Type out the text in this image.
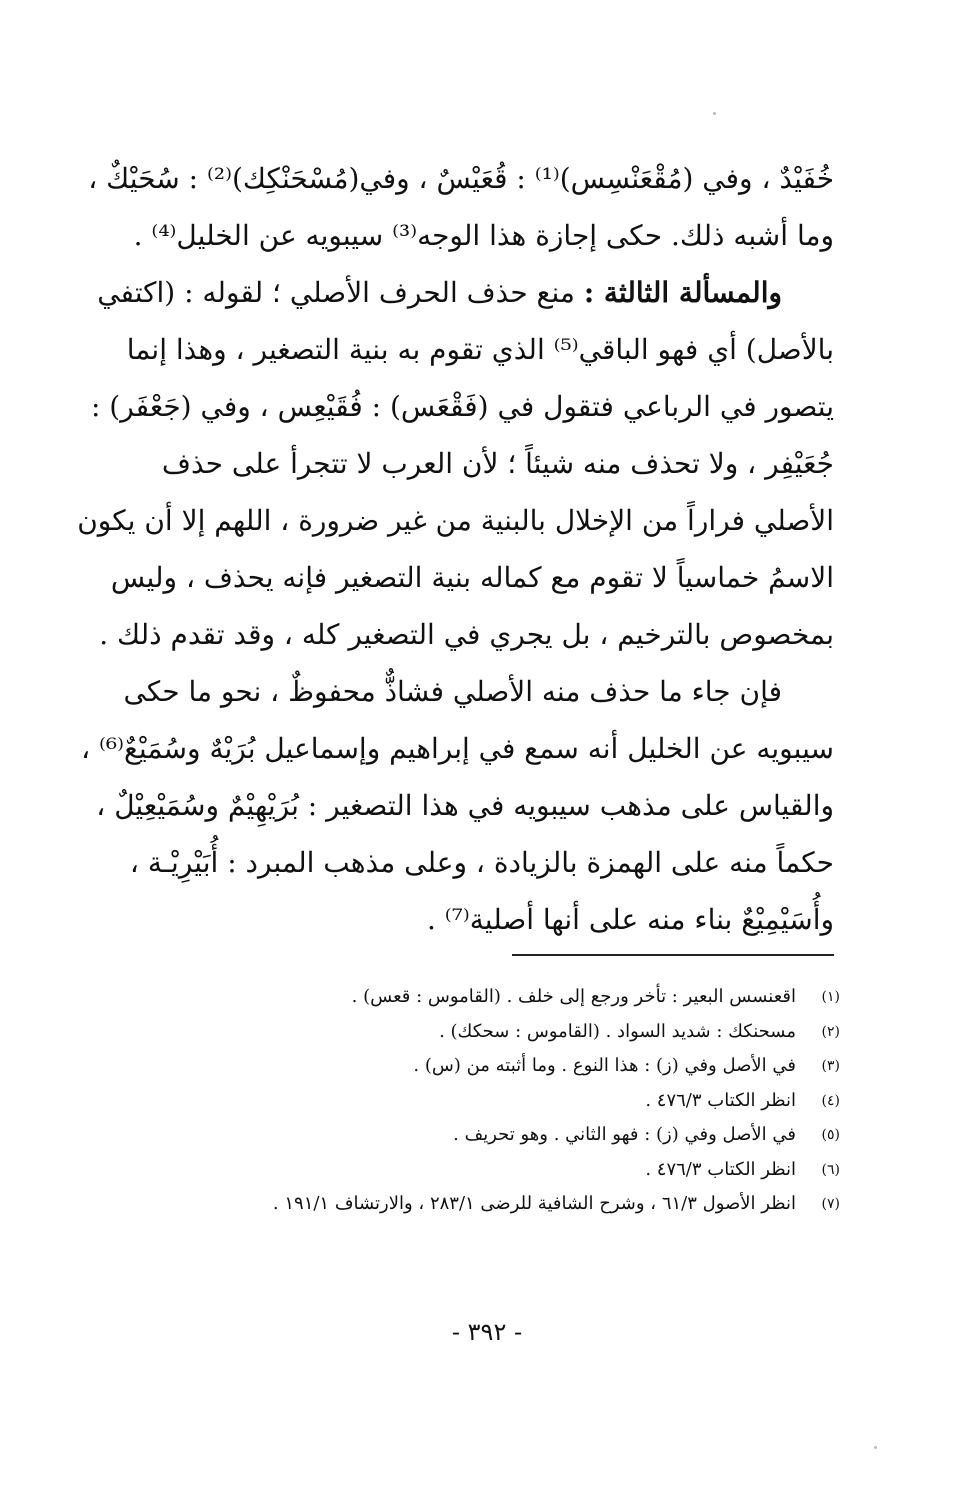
خُفَيْدٌ ، وفي (مُقْعَنْسِس)⁽¹⁾ : قُعَيْسٌ ، وفي(مُسْحَنْكِك)⁽²⁾ : سُحَيْكٌ ،
وما أشبه ذلك. حكى إجازة هذا الوجه⁽³⁾ سيبويه عن الخليل⁽⁴⁾ .

والمسألة الثالثة : منع حذف الحرف الأصلي ؛ لقوله : (اكتفي
بالأصل) أي فهو الباقي⁽⁵⁾ الذي تقوم به بنية التصغير ، وهذا إنما
يتصور في الرباعي فتقول في (فَقْعَس) : فُقَيْعِس ، وفي (جَعْفَر) :
جُعَيْفِر ، ولا تحذف منه شيئاً ؛ لأن العرب لا تتجرأ على حذف
الأصلي فراراً من الإخلال بالبنية من غير ضرورة ، اللهم إلا أن يكون
الاسمُ خماسياً لا تقوم مع كماله بنية التصغير فإنه يحذف ، وليس
بمخصوص بالترخيم ، بل يجري في التصغير كله ، وقد تقدم ذلك .

فإن جاء ما حذف منه الأصلي فشاذٌّ محفوظٌ ، نحو ما حكى
سيبويه عن الخليل أنه سمع في إبراهيم وإسماعيل بُرَيْهٌ وسُمَيْعٌ⁽⁶⁾ ،
والقياس على مذهب سيبويه في هذا التصغير : بُرَيْهِيْمٌ وسُمَيْعِيْلٌ ،
حكماً منه على الهمزة بالزيادة ، وعلى مذهب المبرد : أُبَيْرِيْـة ،
وأُسَيْمِيْعٌ بناء منه على أنها أصلية⁽⁷⁾ .

(١)
اقعنسس البعير : تأخر ورجع إلى خلف . (القاموس : قعس) .
(٢)
مسحنكك : شديد السواد . (القاموس : سحكك) .
(٣)
في الأصل وفي (ز) : هذا النوع . وما أثبته من (س) .
(٤)
انظر الكتاب ٤٧٦/٣ .
(٥)
في الأصل وفي (ز) : فهو الثاني . وهو تحريف .
(٦)
انظر الكتاب ٤٧٦/٣ .
(٧)
انظر الأصول ٦١/٣ ، وشرح الشافية للرضى ٢٨٣/١ ، والارتشاف ١٩١/١ .
- ٣٩٢ -
